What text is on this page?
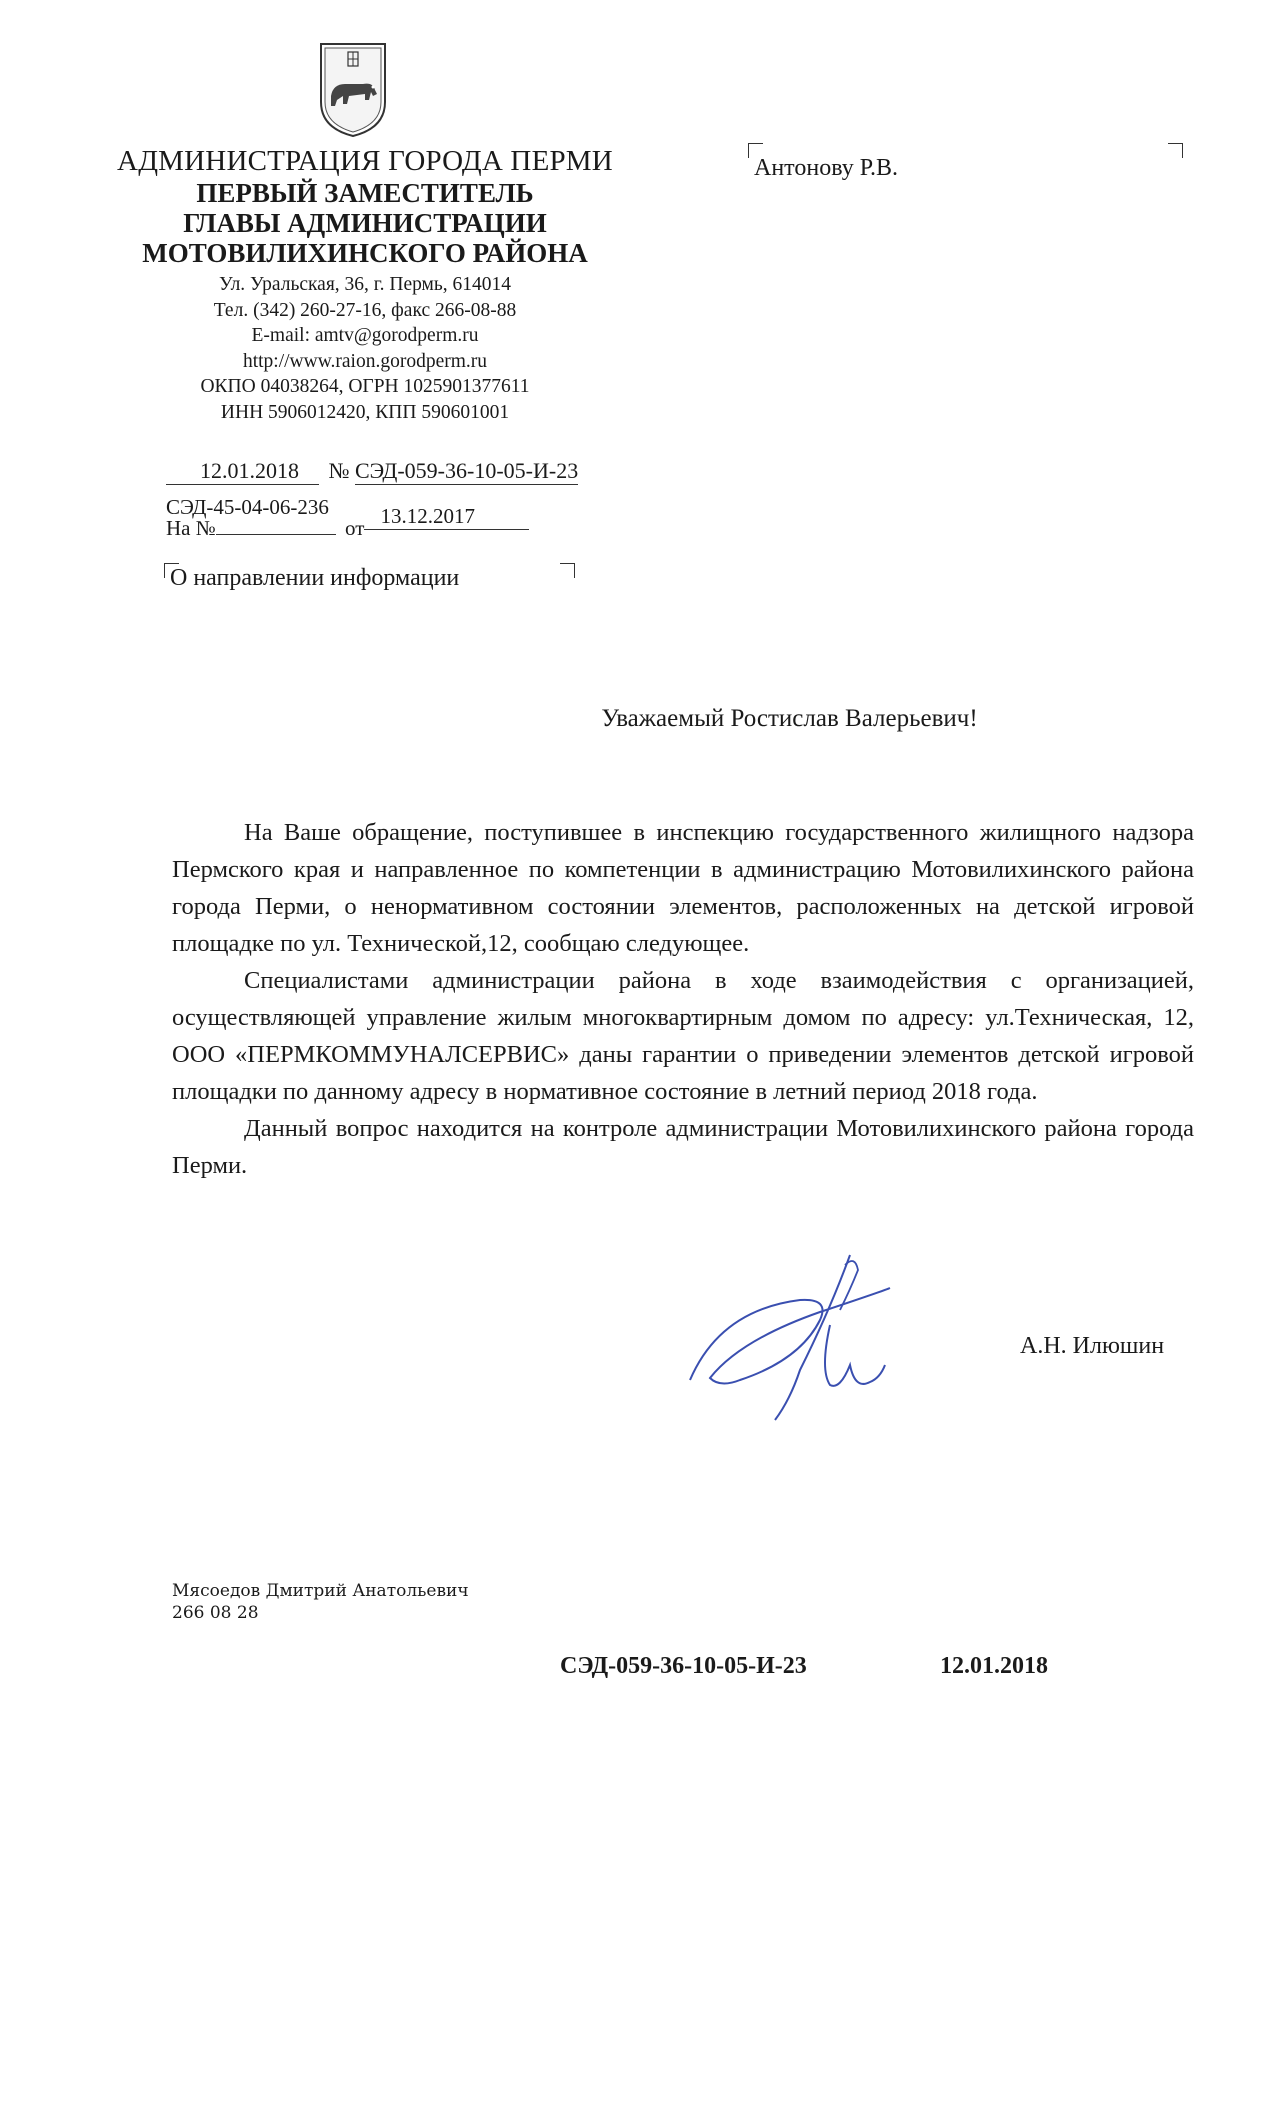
АДМИНИСТРАЦИЯ ГОРОДА ПЕРМИ
ПЕРВЫЙ ЗАМЕСТИТЕЛЬ
ГЛАВЫ АДМИНИСТРАЦИИ
МОТОВИЛИХИНСКОГО РАЙОНА
Ул. Уральская, 36, г. Пермь, 614014
Тел. (342) 260-27-16, факс 266-08-88
E-mail: amtv@gorodperm.ru
http://www.raion.gorodperm.ru
ОКПО 04038264, ОГРН 1025901377611
ИНН 5906012420, КПП 590601001
Антонову Р.В.
12.01.2018 № СЭД-059-36-10-05-И-23
СЭД-45-04-06-236
На №	от 13.12.2017
О направлении информации
Уважаемый Ростислав Валерьевич!

На Ваше обращение, поступившее в инспекцию государственного жилищного надзора Пермского края и направленное по компетенции в администрацию Мотовилихинского района города Перми, о ненормативном состоянии элементов, расположенных на детской игровой площадке по ул. Технической,12, сообщаю следующее.

Специалистами администрации района в ходе взаимодействия с организацией, осуществляющей управление жилым многоквартирным домом по адресу: ул.Техническая, 12, ООО «ПЕРМКОММУНАЛСЕРВИС» даны гарантии о приведении элементов детской игровой площадки по данному адресу в нормативное состояние в летний период 2018 года.

Данный вопрос находится на контроле администрации Мотовилихинского района города Перми.

А.Н. Илюшин
Мясоедов Дмитрий Анатольевич
266 08 28
СЭД-059-36-10-05-И-23	12.01.2018
